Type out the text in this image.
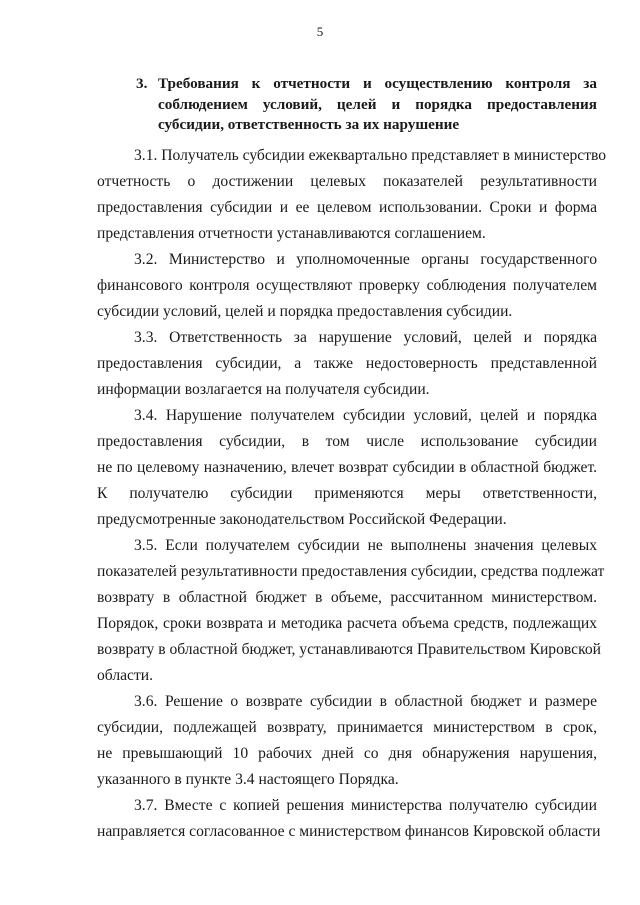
5
3. Требования к отчетности и осуществлению контроля за
соблюдением условий, целей и порядка предоставления
субсидии, ответственность за их нарушение
3.1. Получатель субсидии ежеквартально представляет в министерство
отчетность о достижении целевых показателей результативности
предоставления субсидии и ее целевом использовании. Сроки и форма
представления отчетности устанавливаются соглашением.
3.2. Министерство и уполномоченные органы государственного
финансового контроля осуществляют проверку соблюдения получателем
субсидии условий, целей и порядка предоставления субсидии.
3.3. Ответственность за нарушение условий, целей и порядка
предоставления субсидии, а также недостоверность представленной
информации возлагается на получателя субсидии.
3.4. Нарушение получателем субсидии условий, целей и порядка
предоставления субсидии, в том числе использование субсидии
не по целевому назначению, влечет возврат субсидии в областной бюджет.
К получателю субсидии применяются меры ответственности,
предусмотренные законодательством Российской Федерации.
3.5. Если получателем субсидии не выполнены значения целевых
показателей результативности предоставления субсидии, средства подлежат
возврату в областной бюджет в объеме, рассчитанном министерством.
Порядок, сроки возврата и методика расчета объема средств, подлежащих
возврату в областной бюджет, устанавливаются Правительством Кировской
области.
3.6. Решение о возврате субсидии в областной бюджет и размере
субсидии, подлежащей возврату, принимается министерством в срок,
не превышающий 10 рабочих дней со дня обнаружения нарушения,
указанного в пункте 3.4 настоящего Порядка.
3.7. Вместе с копией решения министерства получателю субсидии
направляется согласованное с министерством финансов Кировской области
